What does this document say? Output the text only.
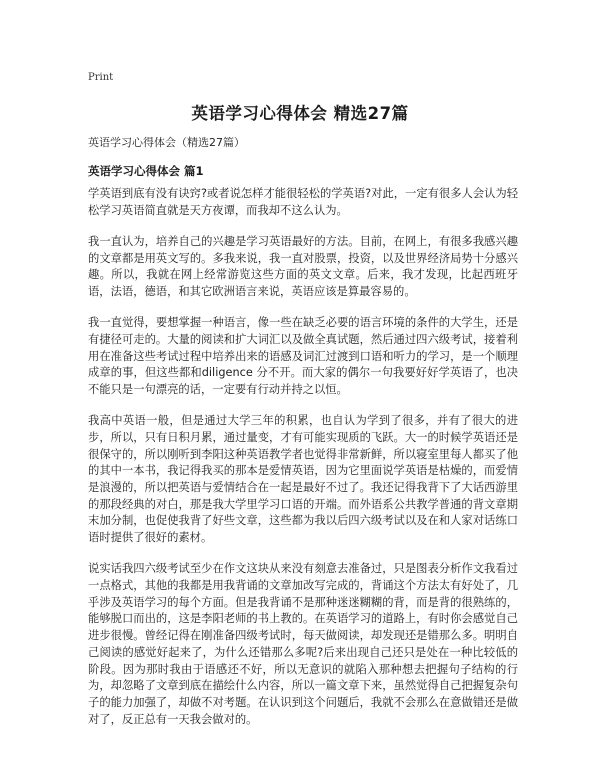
Print
英语学习心得体会 精选27篇
英语学习心得体会（精选27篇）
英语学习心得体会 篇1

学英语到底有没有诀窍?或者说怎样才能很轻松的学英语?对此，一定有很多人会认为轻松学习英语简直就是天方夜谭，而我却不这么认为。

我一直认为，培养自己的兴趣是学习英语最好的方法。目前，在网上，有很多我感兴趣的文章都是用英文写的。多我来说，我一直对股票，投资，以及世界经济局势十分感兴趣。所以，我就在网上经常游览这些方面的英文文章。后来，我才发现，比起西班牙语，法语，德语，和其它欧洲语言来说，英语应该是算最容易的。

我一直觉得，要想掌握一种语言，像一些在缺乏必要的语言环境的条件的大学生，还是有捷径可走的。大量的阅读和扩大词汇以及做全真试题，然后通过四六级考试，接着利用在准备这些考试过程中培养出来的语感及词汇过渡到口语和听力的学习，是一个顺理成章的事，但这些都和diligence 分不开。而大家的偶尔一句我要好好学英语了，也决不能只是一句漂亮的话，一定要有行动并持之以恒。

我高中英语一般，但是通过大学三年的积累，也自认为学到了很多，并有了很大的进步，所以，只有日积月累，通过量变，才有可能实现质的飞跃。大一的时候学英语还是很保守的，所以刚听到李阳这种英语教学者也觉得非常新鲜，所以寝室里每人都买了他的其中一本书，我记得我买的那本是爱情英语，因为它里面说学英语是枯燥的，而爱情是浪漫的，所以把英语与爱情结合在一起是最好不过了。我还记得我背下了大话西游里的那段经典的对白，那是我大学里学习口语的开端。而外语系公共教学普通的背文章期末加分制，也促使我背了好些文章，这些都为我以后四六级考试以及在和人家对话练口语时提供了很好的素材。

说实话我四六级考试至少在作文这块从来没有刻意去准备过，只是图表分析作文我看过一点格式，其他的我都是用我背诵的文章加改写完成的，背诵这个方法太有好处了，几乎涉及英语学习的每个方面。但是我背诵不是那种迷迷糊糊的背，而是背的很熟练的，能够脱口而出的，这是李阳老师的书上教的。在英语学习的道路上，有时你会感觉自己进步很慢。曾经记得在刚准备四级考试时，每天做阅读，却发现还是错那么多。明明自己阅读的感觉好起来了，为什么还错那么多呢?后来出现自己还只是处在一种比较低的阶段。因为那时我由于语感还不好，所以无意识的就陷入那种想去把握句子结构的行为，却忽略了文章到底在描绘什么内容，所以一篇文章下来，虽然觉得自己把握复杂句子的能力加强了，却做不对考题。在认识到这个问题后，我就不会那么在意做错还是做对了，反正总有一天我会做对的。
